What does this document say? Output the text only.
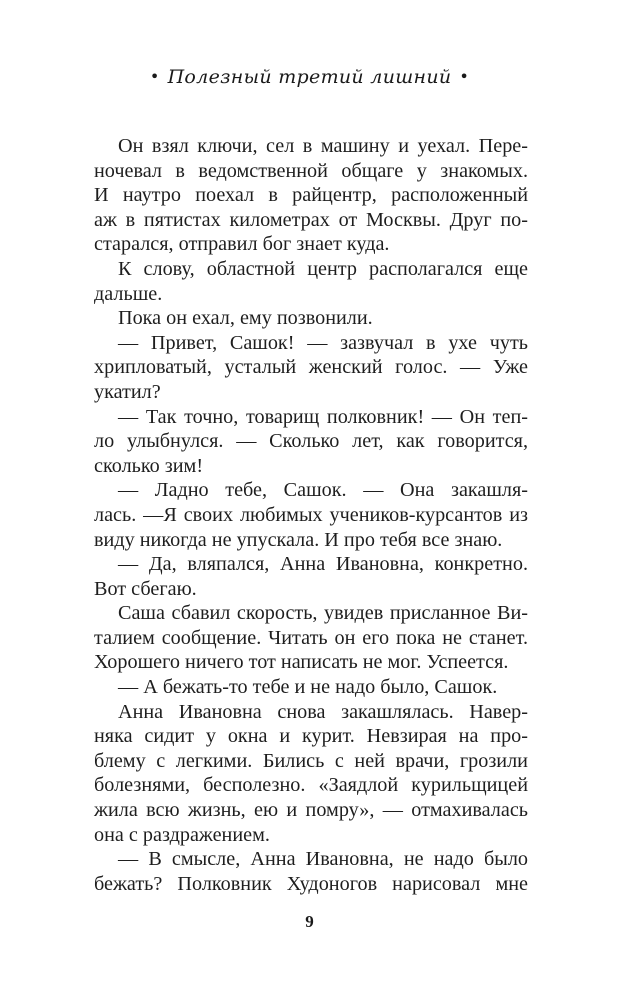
• Полезный третий лишний •
Он взял ключи, сел в машину и уехал. Пере-
ночевал в ведомственной общаге у знакомых.
И наутро поехал в райцентр, расположенный
аж в пятистах километрах от Москвы. Друг по-
старался, отправил бог знает куда.
К слову, областной центр располагался еще
дальше.
Пока он ехал, ему позвонили.
— Привет, Сашок! — зазвучал в ухе чуть
хрипловатый, усталый женский голос. — Уже
укатил?
— Так точно, товарищ полковник! — Он теп-
ло улыбнулся. — Сколько лет, как говорится,
сколько зим!
— Ладно тебе, Сашок. — Она закашля-
лась. —Я своих любимых учеников-курсантов из
виду никогда не упускала. И про тебя все знаю.
— Да, вляпался, Анна Ивановна, конкретно.
Вот сбегаю.
Саша сбавил скорость, увидев присланное Ви-
талием сообщение. Читать он его пока не станет.
Хорошего ничего тот написать не мог. Успеется.
— А бежать-то тебе и не надо было, Сашок.
Анна Ивановна снова закашлялась. Навер-
няка сидит у окна и курит. Невзирая на про-
блему с легкими. Бились с ней врачи, грозили
болезнями, бесполезно. «Заядлой курильщицей
жила всю жизнь, ею и помру», — отмахивалась
она с раздражением.
— В смысле, Анна Ивановна, не надо было
бежать? Полковник Худоногов нарисовал мне
9
